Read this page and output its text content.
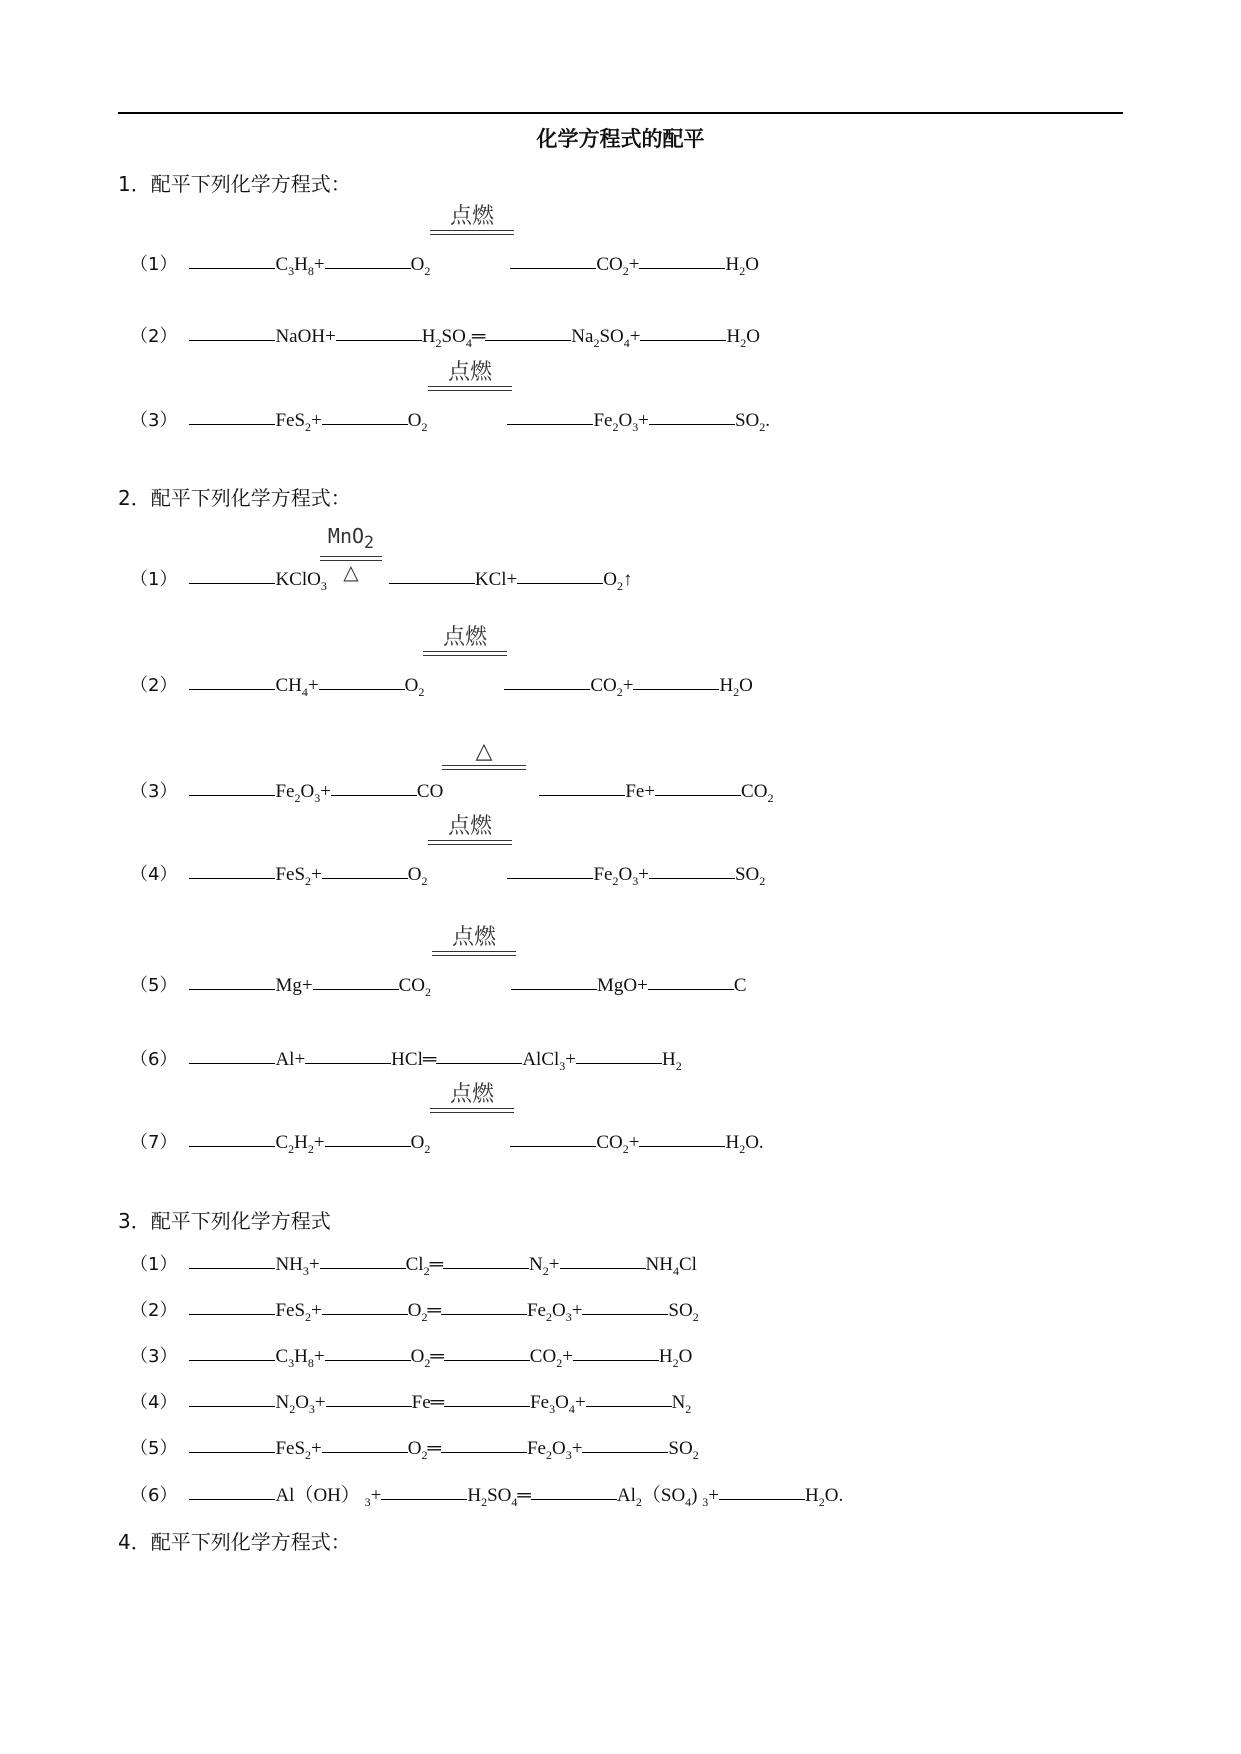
化学方程式的配平
1．配平下列化学方程式：
2．配平下列化学方程式：
3．配平下列化学方程式
4．配平下列化学方程式：
（1）	$C_3H_8+$	$O_2$	$CO_2+$	$H_2O$
点燃
（2）	NaOH+	$H_2SO_4═$	$Na_2SO_4+$	$H_2O$
（3）	FeS$_2$+	$O_2$	$Fe_2O_3+$	$SO_2$.
点燃
（1）	KClO$_3$	KCl+	$O_2↑$
MnO$_2$
△
（2）	$CH_4+$	$O_2$	$CO_2+$	$H_2O$
点燃
（3）	$Fe_2O_3+$	CO	Fe+	$CO_2$
△
（4）	FeS$_2$+	$O_2$	$Fe_2O_3+$	$SO_2$
点燃
（5）	Mg+	$CO_2$	MgO+	C
点燃
（6）	Al+	HCl═	AlCl$_3$+	$H_2$
（7）	$C_2H_2+$	$O_2$	$CO_2+$	$H_2O$.
点燃
（1）	$NH_3+$	$Cl_2═$	$N_2+$	$NH_4Cl$
（2）	FeS$_2$+	$O_2═$	$Fe_2O_3+$	$SO_2$
（3）	$C_3H_8+$	$O_2═$	$CO_2+$	$H_2O$
（4）	$N_2O_3+$	Fe═	$Fe_3O_4+$	$N_2$
（5）	FeS$_2$+	$O_2═$	$Fe_2O_3+$	$SO_2$
（6）	Al（OH） $_3$+	$H_2SO_4═$	$Al_2(SO_4)$ $_3$+	$H_2O$.
